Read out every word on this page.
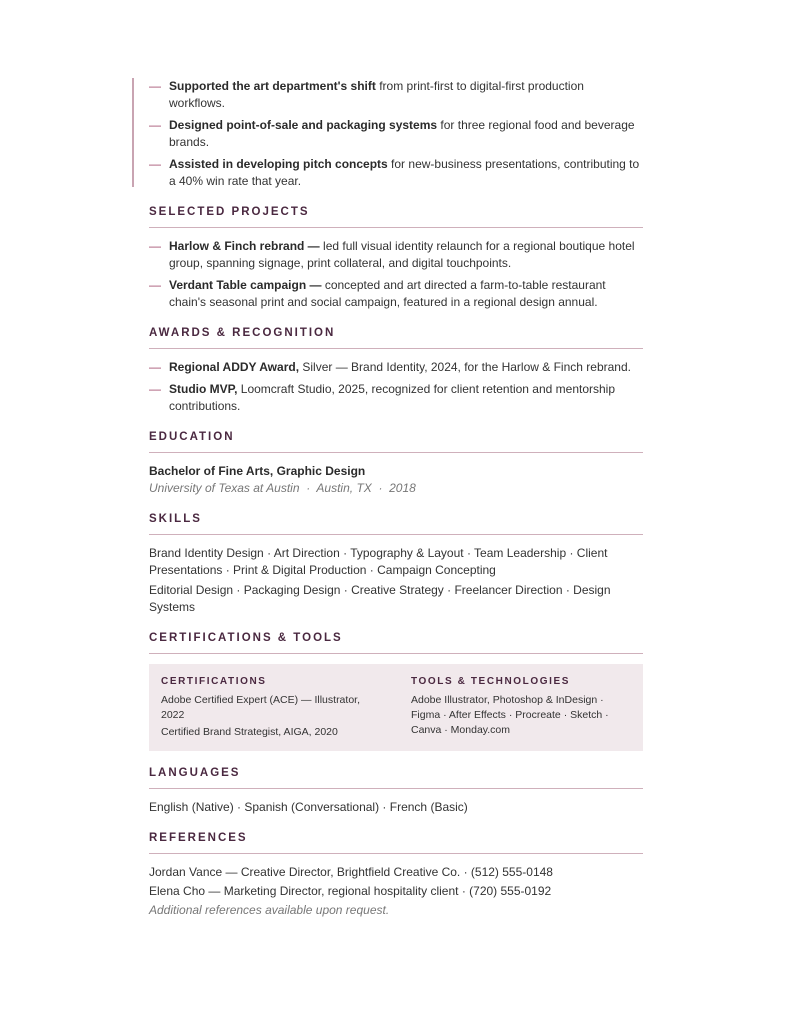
— Supported the art department's shift from print-first to digital-first production workflows.
— Designed point-of-sale and packaging systems for three regional food and beverage brands.
— Assisted in developing pitch concepts for new-business presentations, contributing to a 40% win rate that year.
SELECTED PROJECTS
— Harlow & Finch rebrand — led full visual identity relaunch for a regional boutique hotel group, spanning signage, print collateral, and digital touchpoints.
— Verdant Table campaign — concepted and art directed a farm-to-table restaurant chain's seasonal print and social campaign, featured in a regional design annual.
AWARDS & RECOGNITION
— Regional ADDY Award, Silver — Brand Identity, 2024, for the Harlow & Finch rebrand.
— Studio MVP, Loomcraft Studio, 2025, recognized for client retention and mentorship contributions.
EDUCATION
Bachelor of Fine Arts, Graphic Design
University of Texas at Austin · Austin, TX · 2018
SKILLS
Brand Identity Design · Art Direction · Typography & Layout · Team Leadership · Client Presentations · Print & Digital Production · Campaign Concepting
Editorial Design · Packaging Design · Creative Strategy · Freelancer Direction · Design Systems
CERTIFICATIONS & TOOLS
CERTIFICATIONS
Adobe Certified Expert (ACE) — Illustrator, 2022
Certified Brand Strategist, AIGA, 2020
TOOLS & TECHNOLOGIES
Adobe Illustrator, Photoshop & InDesign · Figma · After Effects · Procreate · Sketch · Canva · Monday.com
LANGUAGES
English (Native) · Spanish (Conversational) · French (Basic)
REFERENCES
Jordan Vance — Creative Director, Brightfield Creative Co. · (512) 555-0148
Elena Cho — Marketing Director, regional hospitality client · (720) 555-0192
Additional references available upon request.
